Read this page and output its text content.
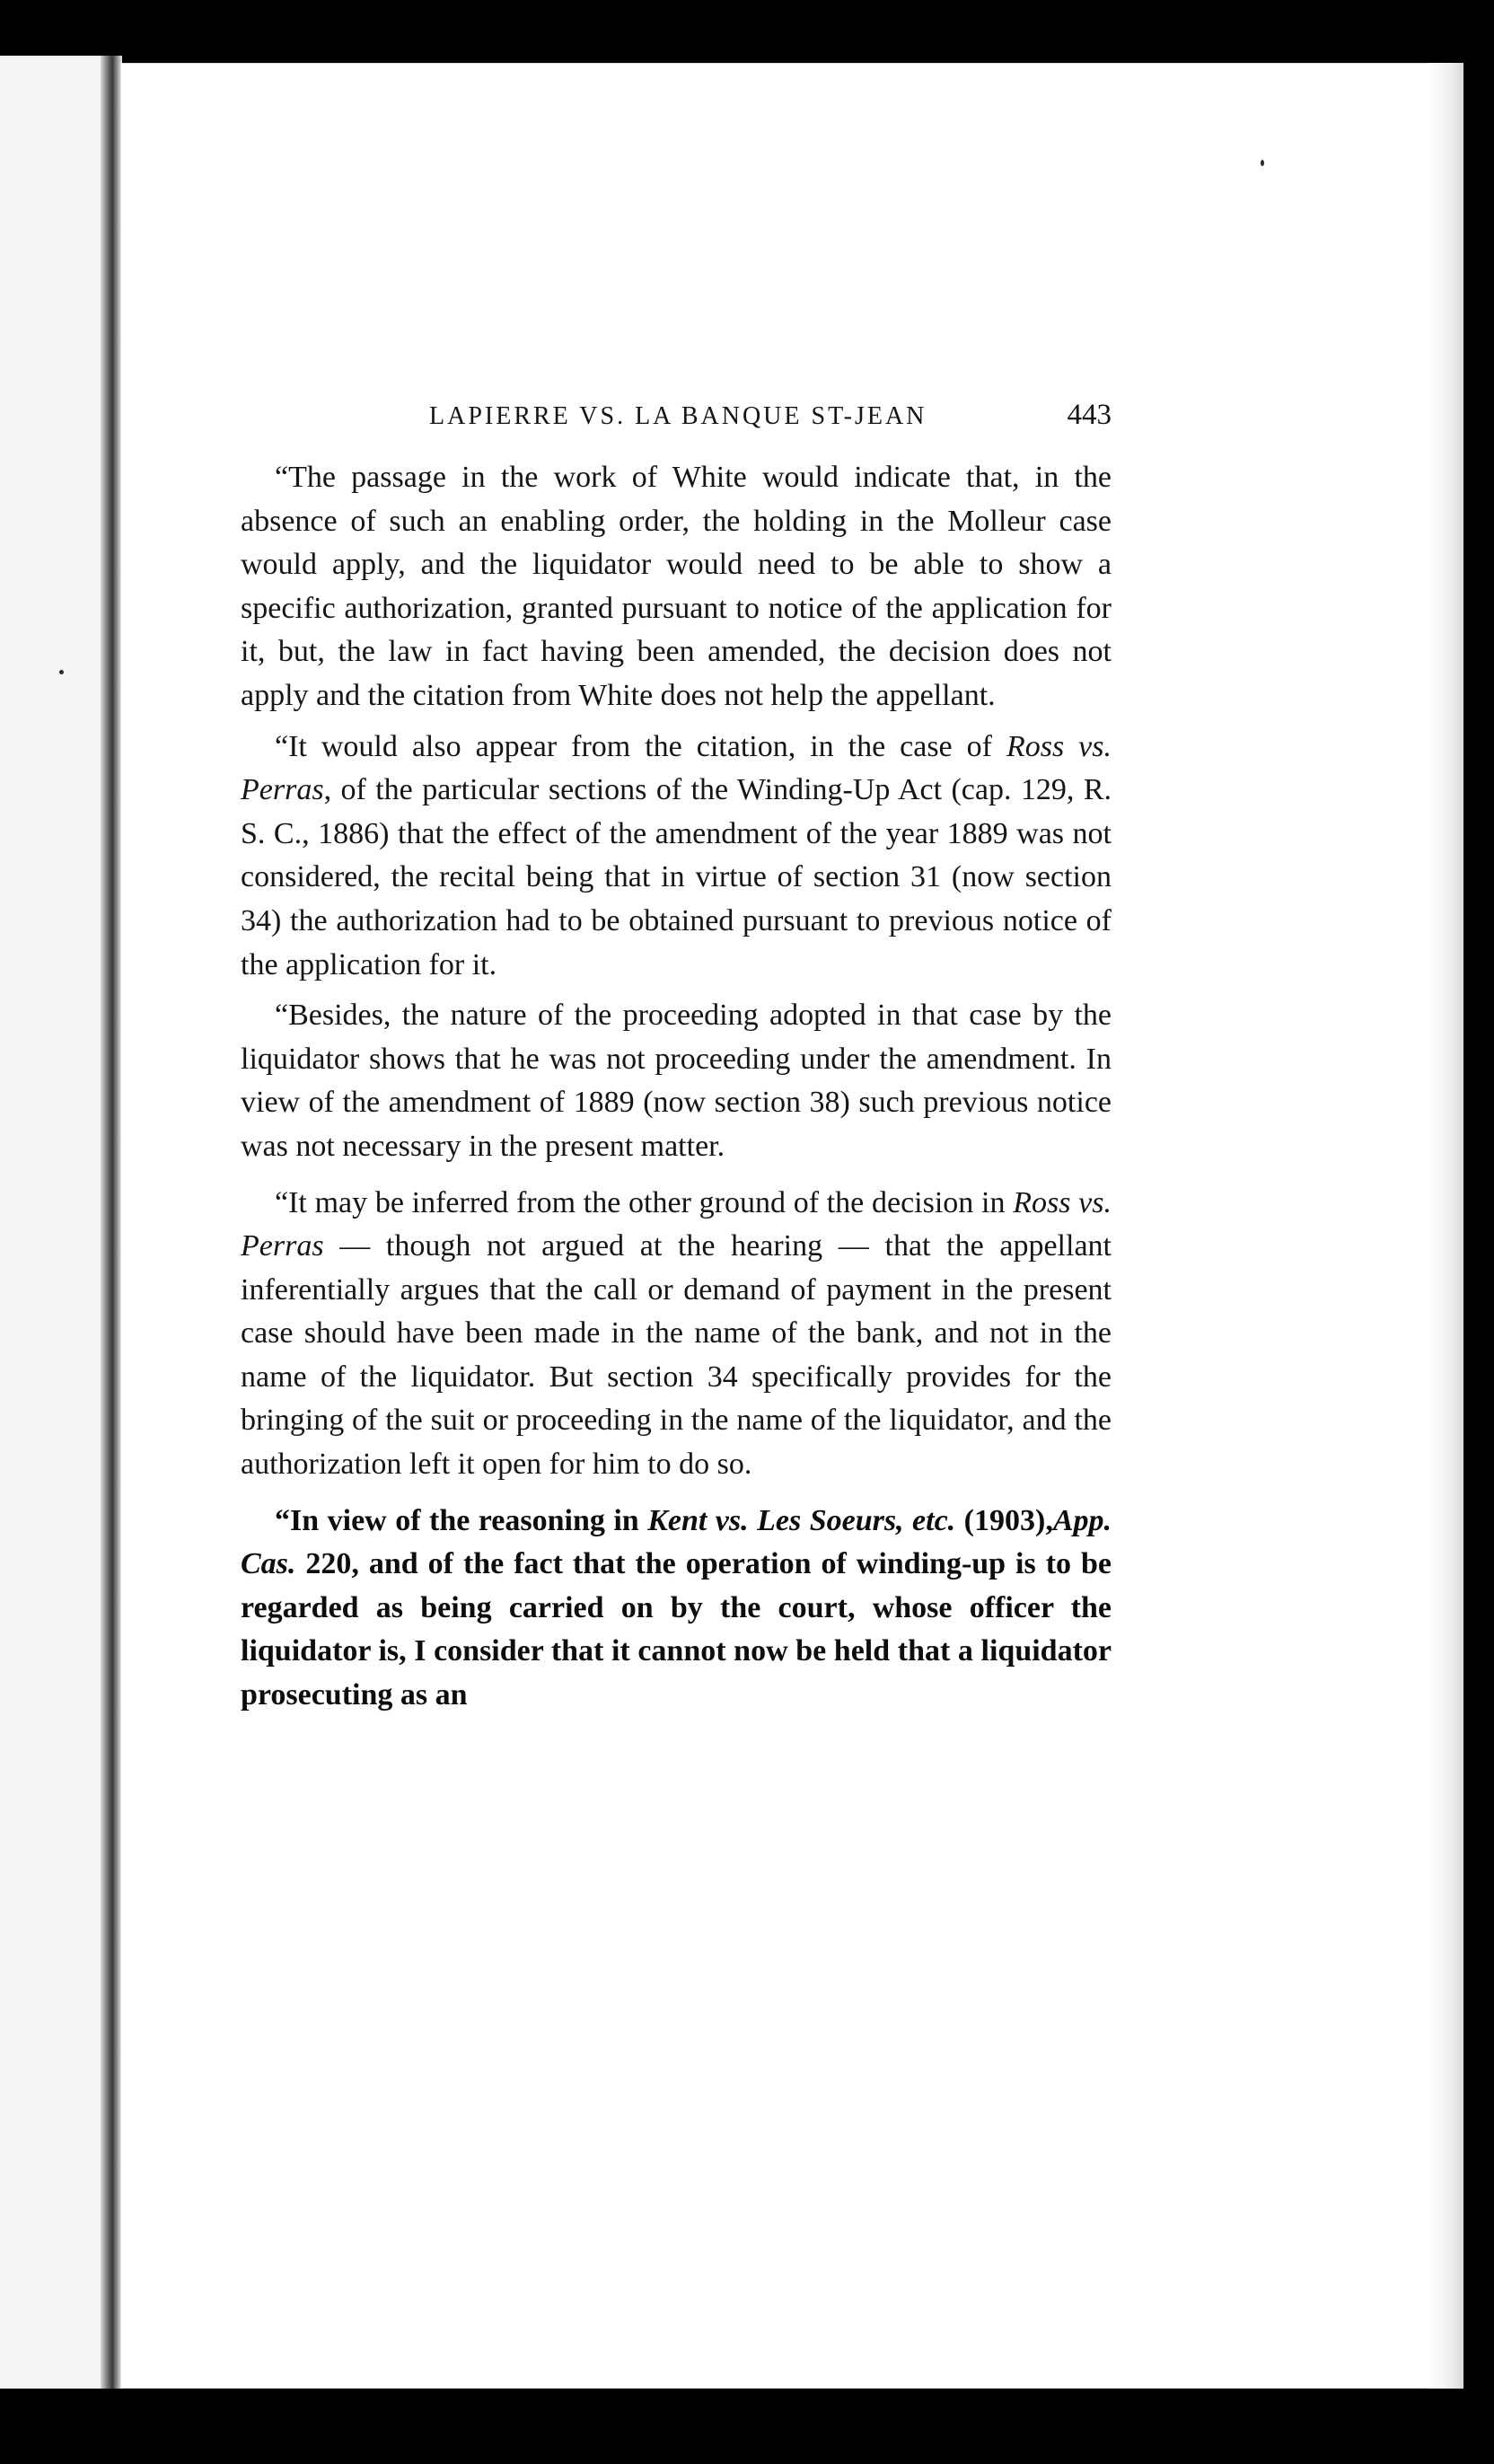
LAPIERRE VS. LA BANQUE ST-JEAN	443

“The passage in the work of White would indicate that, in the absence of such an enabling order, the holding in the Molleur case would apply, and the liquidator would need to be able to show a specific authorization, granted pursuant to notice of the application for it, but, the law in fact having been amended, the decision does not apply and the citation from White does not help the appellant.

“It would also appear from the citation, in the case of Ross vs. Perras, of the particular sections of the Winding-Up Act (cap. 129, R. S. C., 1886) that the effect of the amendment of the year 1889 was not considered, the recital being that in virtue of section 31 (now section 34) the authorization had to be obtained pursuant to previous notice of the application for it.

“Besides, the nature of the proceeding adopted in that case by the liquidator shows that he was not proceeding under the amendment. In view of the amendment of 1889 (now section 38) such previous notice was not necessary in the present matter.

“It may be inferred from the other ground of the decision in Ross vs. Perras — though not argued at the hearing — that the appellant inferentially argues that the call or demand of payment in the present case should have been made in the name of the bank, and not in the name of the liquidator. But section 34 specifically provides for the bringing of the suit or proceeding in the name of the liquidator, and the authorization left it open for him to do so.

“In view of the reasoning in Kent vs. Les Soeurs, etc. (1903),App. Cas. 220, and of the fact that the operation of winding-up is to be regarded as being carried on by the court, whose officer the liquidator is, I consider that it cannot now be held that a liquidator prosecuting as an
